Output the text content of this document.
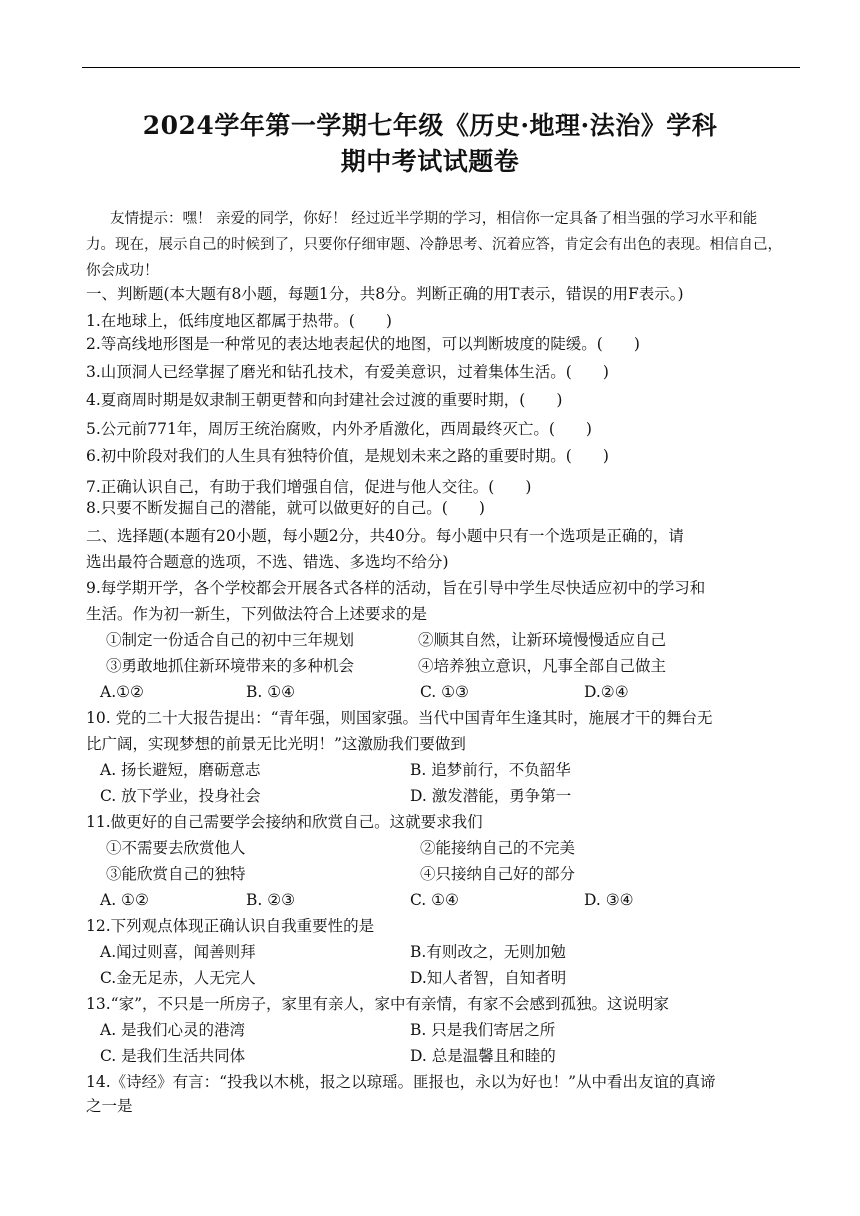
2024学年第一学期七年级《历史·地理·法治》学科
期中考试试题卷
友情提示：嘿！ 亲爱的同学，你好！ 经过近半学期的学习，相信你一定具备了相当强的学习水平和能
力。现在，展示自己的时候到了，只要你仔细审题、冷静思考、沉着应答，肯定会有出色的表现。相信自己，
你会成功！
一、判断题(本大题有8小题，每题1分，共8分。判断正确的用T表示，错误的用F表示。)
1.在地球上，低纬度地区都属于热带。(　　)
2.等高线地形图是一种常见的表达地表起伏的地图，可以判断坡度的陡缓。(　　)
3.山顶洞人已经掌握了磨光和钻孔技术，有爱美意识，过着集体生活。(　　)
4.夏商周时期是奴隶制王朝更替和向封建社会过渡的重要时期，(　　)
5.公元前771年，周厉王统治腐败，内外矛盾激化，西周最终灭亡。(　　)
6.初中阶段对我们的人生具有独特价值，是规划未来之路的重要时期。(　　)
7.正确认识自己，有助于我们增强自信，促进与他人交往。(　　)
8.只要不断发掘自己的潜能，就可以做更好的自己。(　　)
二、选择题(本题有20小题，每小题2分，共40分。每小题中只有一个选项是正确的，请
选出最符合题意的选项，不选、错选、多选均不给分)
9.每学期开学，各个学校都会开展各式各样的活动，旨在引导中学生尽快适应初中的学习和
生活。作为初一新生，下列做法符合上述要求的是
①制定一份适合自己的初中三年规划	②顺其自然，让新环境慢慢适应自己
③勇敢地抓住新环境带来的多种机会	④培养独立意识，凡事全部自己做主
A.①②	B. ①④	C. ①③	D.②④
10. 党的二十大报告提出：“青年强，则国家强。当代中国青年生逢其时，施展才干的舞台无
比广阔，实现梦想的前景无比光明！”这激励我们要做到
A. 扬长避短，磨砺意志	B. 追梦前行，不负韶华
C. 放下学业，投身社会	D. 激发潜能，勇争第一
11.做更好的自己需要学会接纳和欣赏自己。这就要求我们
①不需要去欣赏他人	②能接纳自己的不完美
③能欣赏自己的独特	④只接纳自己好的部分
A. ①②	B. ②③	C. ①④	D. ③④
12.下列观点体现正确认识自我重要性的是
A.闻过则喜，闻善则拜	B.有则改之，无则加勉
C.金无足赤，人无完人	D.知人者智，自知者明
13.“家”，不只是一所房子，家里有亲人，家中有亲情，有家不会感到孤独。这说明家
A. 是我们心灵的港湾	B. 只是我们寄居之所
C. 是我们生活共同体	D. 总是温馨且和睦的
14.《诗经》有言：“投我以木桃，报之以琼瑶。匪报也，永以为好也！”从中看出友谊的真谛
之一是
